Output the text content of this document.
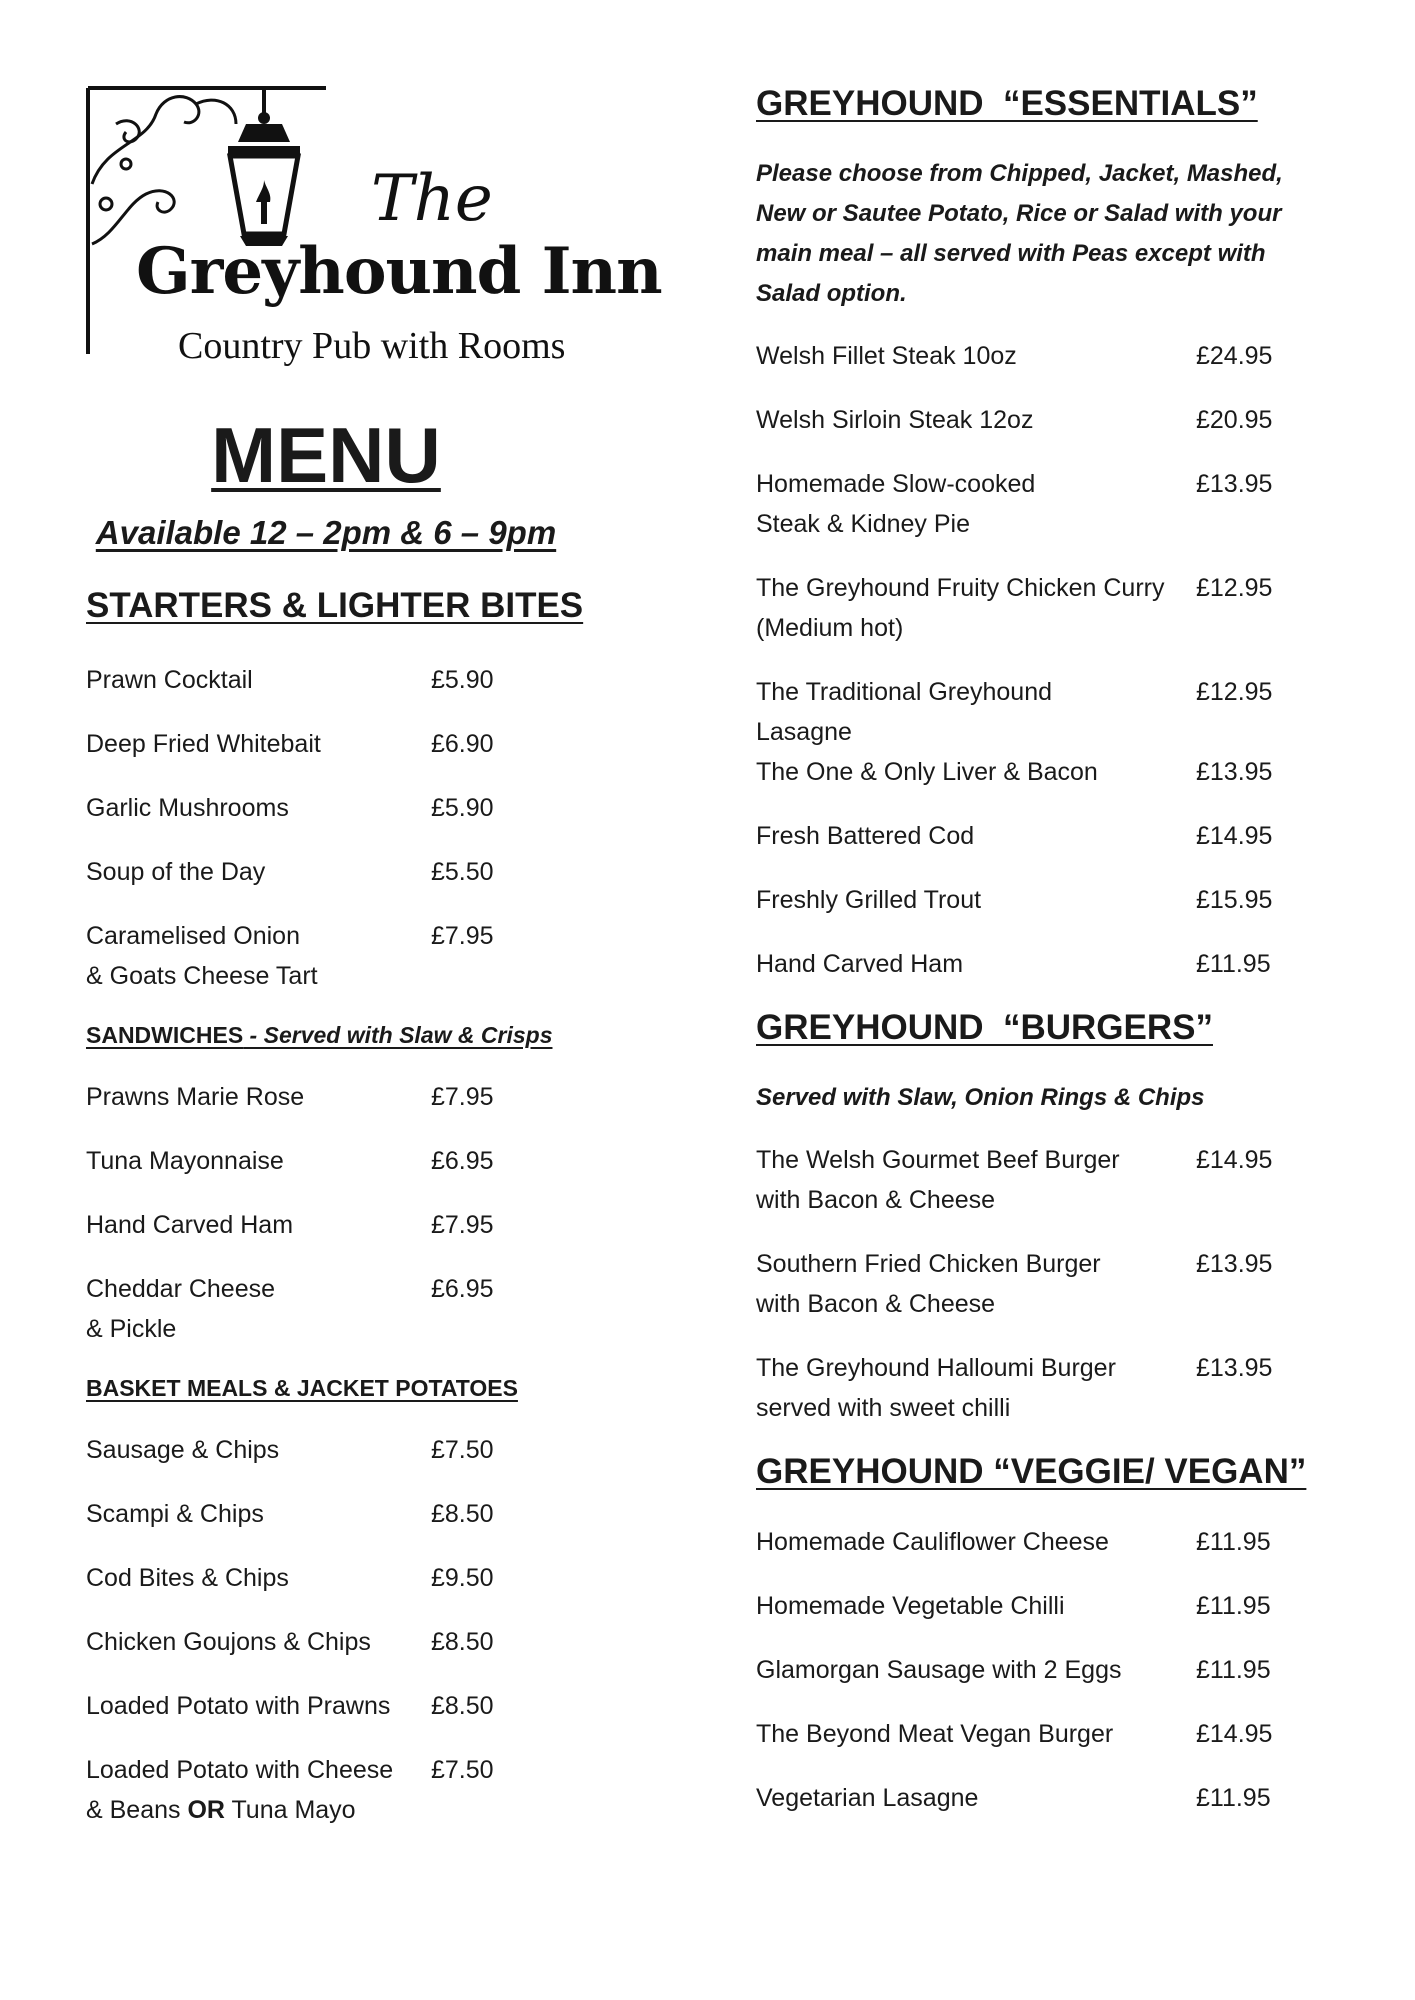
The
Greyhound Inn
Country Pub with Rooms
MENU
Available 12 – 2pm & 6 – 9pm
STARTERS & LIGHTER BITES
Prawn Cocktail	£5.90
Deep Fried Whitebait	£6.90
Garlic Mushrooms	£5.90
Soup of the Day	£5.50
Caramelised Onion
& Goats Cheese Tart
£7.95
SANDWICHES - Served with Slaw & Crisps
Prawns Marie Rose	£7.95
Tuna Mayonnaise	£6.95
Hand Carved Ham	£7.95
Cheddar Cheese
& Pickle
£6.95
BASKET MEALS & JACKET POTATOES
Sausage & Chips	£7.50
Scampi & Chips	£8.50
Cod Bites & Chips	£9.50
Chicken Goujons & Chips	£8.50
Loaded Potato with Prawns	£8.50
Loaded Potato with Cheese
& Beans OR Tuna Mayo
£7.50
GREYHOUND  “ESSENTIALS”
Please choose from Chipped, Jacket, Mashed, New or Sautee Potato, Rice or Salad with your main meal – all served with Peas except with Salad option.
Welsh Fillet Steak 10oz	£24.95
Welsh Sirloin Steak 12oz	£20.95
Homemade Slow-cooked
Steak & Kidney Pie
£13.95
The Greyhound Fruity Chicken Curry
(Medium hot)
£12.95
The Traditional Greyhound
Lasagne
£12.95
The One & Only Liver & Bacon	£13.95
Fresh Battered Cod	£14.95
Freshly Grilled Trout	£15.95
Hand Carved Ham	£11.95
GREYHOUND  “BURGERS”
Served with Slaw, Onion Rings & Chips
The Welsh Gourmet Beef Burger
with Bacon & Cheese
£14.95
Southern Fried Chicken Burger
with Bacon & Cheese
£13.95
The Greyhound Halloumi Burger
served with sweet chilli
£13.95
GREYHOUND “VEGGIE/ VEGAN”
Homemade Cauliflower Cheese	£11.95
Homemade Vegetable Chilli	£11.95
Glamorgan Sausage with 2 Eggs	£11.95
The Beyond Meat Vegan Burger	£14.95
Vegetarian Lasagne	£11.95
